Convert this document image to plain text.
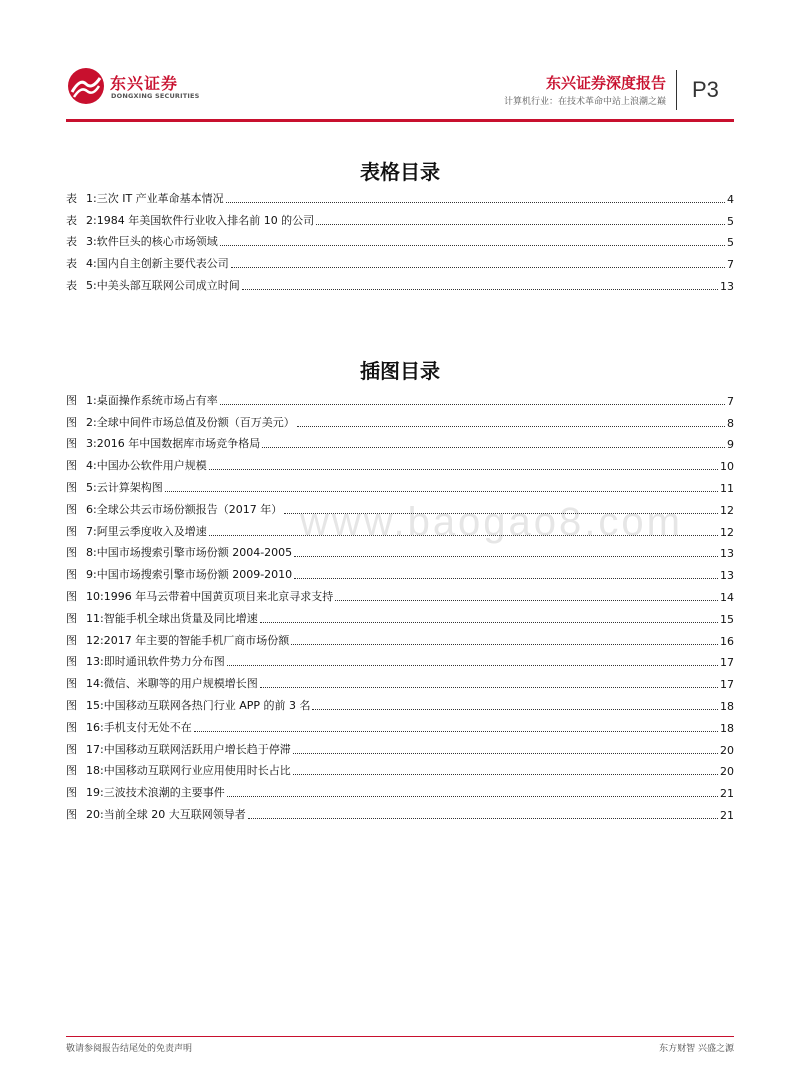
东兴证券
DONGXING SECURITIES
东兴证券深度报告
计算机行业：在技术革命中站上浪潮之巅 P3
www.baogao8.com
表格目录
表 1:三次 IT 产业革命基本情况	4
表 2:1984 年美国软件行业收入排名前 10 的公司	5
表 3:软件巨头的核心市场领域	5
表 4:国内自主创新主要代表公司	7
表 5:中美头部互联网公司成立时间	13
插图目录
图 1:桌面操作系统市场占有率	7
图 2:全球中间件市场总值及份额（百万美元）	8
图 3:2016 年中国数据库市场竞争格局	9
图 4:中国办公软件用户规模	10
图 5:云计算架构图	11
图 6:全球公共云市场份额报告（2017 年）	12
图 7:阿里云季度收入及增速	12
图 8:中国市场搜索引擎市场份额 2004-2005	13
图 9:中国市场搜索引擎市场份额 2009-2010	13
图 10:1996 年马云带着中国黄页项目来北京寻求支持	14
图 11:智能手机全球出货量及同比增速	15
图 12:2017 年主要的智能手机厂商市场份额	16
图 13:即时通讯软件势力分布图	17
图 14:微信、米聊等的用户规模增长图	17
图 15:中国移动互联网各热门行业 APP 的前 3 名	18
图 16:手机支付无处不在	18
图 17:中国移动互联网活跃用户增长趋于停滞	20
图 18:中国移动互联网行业应用使用时长占比	20
图 19:三波技术浪潮的主要事件	21
图 20:当前全球 20 大互联网领导者	21
敬请参阅报告结尾处的免责声明	东方财智 兴盛之源
